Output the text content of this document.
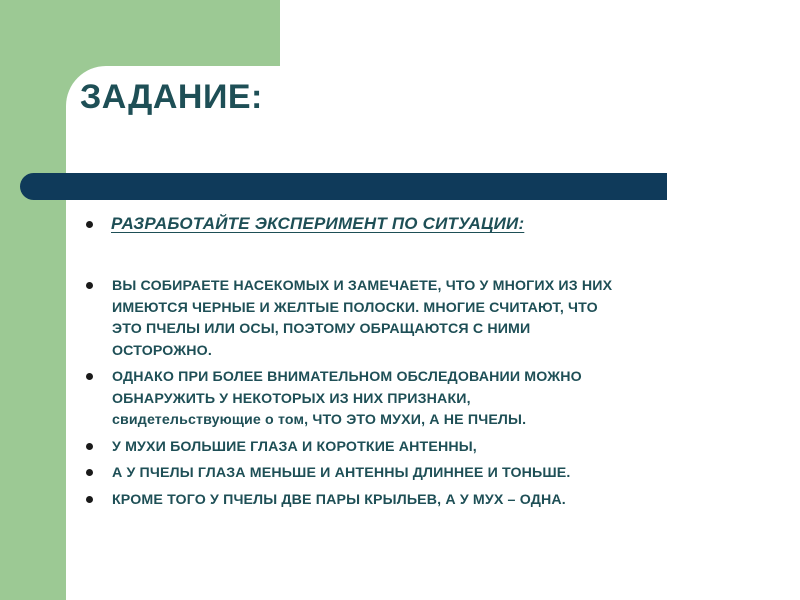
ЗАДАНИЕ:
РАЗРАБОТАЙТЕ ЭКСПЕРИМЕНТ ПО СИТУАЦИИ:
ВЫ СОБИРАЕТЕ НАСЕКОМЫХ И ЗАМЕЧАЕТЕ, ЧТО У МНОГИХ ИЗ НИХ
ИМЕЮТСЯ ЧЕРНЫЕ И ЖЕЛТЫЕ ПОЛОСКИ. МНОГИЕ СЧИТАЮТ, ЧТО
ЭТО ПЧЕЛЫ ИЛИ ОСЫ, ПОЭТОМУ ОБРАЩАЮТСЯ С НИМИ
ОСТОРОЖНО.
ОДНАКО ПРИ БОЛЕЕ ВНИМАТЕЛЬНОМ ОБСЛЕДОВАНИИ МОЖНО
ОБНАРУЖИТЬ У НЕКОТОРЫХ ИЗ НИХ ПРИЗНАКИ,
свидетельствующие о том, ЧТО ЭТО МУХИ, А НЕ ПЧЕЛЫ.
У МУХИ БОЛЬШИЕ ГЛАЗА И КОРОТКИЕ АНТЕННЫ,
А У ПЧЕЛЫ ГЛАЗА МЕНЬШЕ И АНТЕННЫ ДЛИННЕЕ И ТОНЬШЕ.
КРОМЕ ТОГО У ПЧЕЛЫ ДВЕ ПАРЫ КРЫЛЬЕВ, А У МУХ – ОДНА.
